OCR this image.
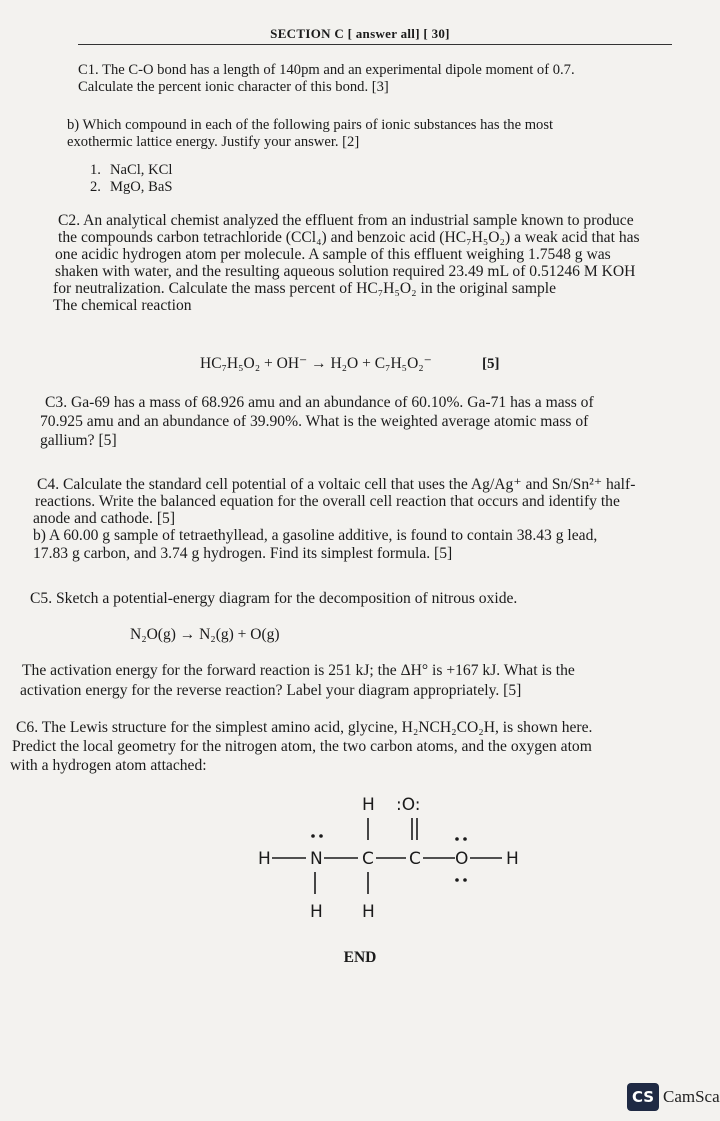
SECTION C [ answer all] [ 30]
C1. The C-O bond has a length of 140pm and an experimental dipole moment of 0.7.
Calculate the percent ionic character of this bond. [3]
b) Which compound in each of the following pairs of ionic substances has the most
exothermic lattice energy. Justify your answer. [2]
1. NaCl, KCl
2. MgO, BaS
C2. An analytical chemist analyzed the effluent from an industrial sample known to produce
the compounds carbon tetrachloride (CCl₄) and benzoic acid (HC₇H₅O₂) a weak acid that has
one acidic hydrogen atom per molecule. A sample of this effluent weighing 1.7548 g was
shaken with water, and the resulting aqueous solution required 23.49 mL of 0.51246 M KOH
for neutralization. Calculate the mass percent of HC₇H₅O₂ in the original sample
The chemical reaction
HC₇H₅O₂ + OH⁻ → H₂O + C₇H₅O₂⁻	[5]
C3. Ga-69 has a mass of 68.926 amu and an abundance of 60.10%. Ga-71 has a mass of
70.925 amu and an abundance of 39.90%. What is the weighted average atomic mass of
gallium? [5]
C4. Calculate the standard cell potential of a voltaic cell that uses the Ag/Ag⁺ and Sn/Sn²⁺ half-
reactions. Write the balanced equation for the overall cell reaction that occurs and identify the
anode and cathode. [5]
b) A 60.00 g sample of tetraethyllead, a gasoline additive, is found to contain 38.43 g lead,
17.83 g carbon, and 3.74 g hydrogen. Find its simplest formula. [5]
C5. Sketch a potential-energy diagram for the decomposition of nitrous oxide.
N₂O(g) → N₂(g) + O(g)
The activation energy for the forward reaction is 251 kJ; the ΔH° is +167 kJ. What is the
activation energy for the reverse reaction? Label your diagram appropriately. [5]
C6. The Lewis structure for the simplest amino acid, glycine, H₂NCH₂CO₂H, is shown here.
Predict the local geometry for the nitrogen atom, the two carbon atoms, and the oxygen atom
with a hydrogen atom attached:
H :O:
H N C C O H
H H
END
CS CamSca
